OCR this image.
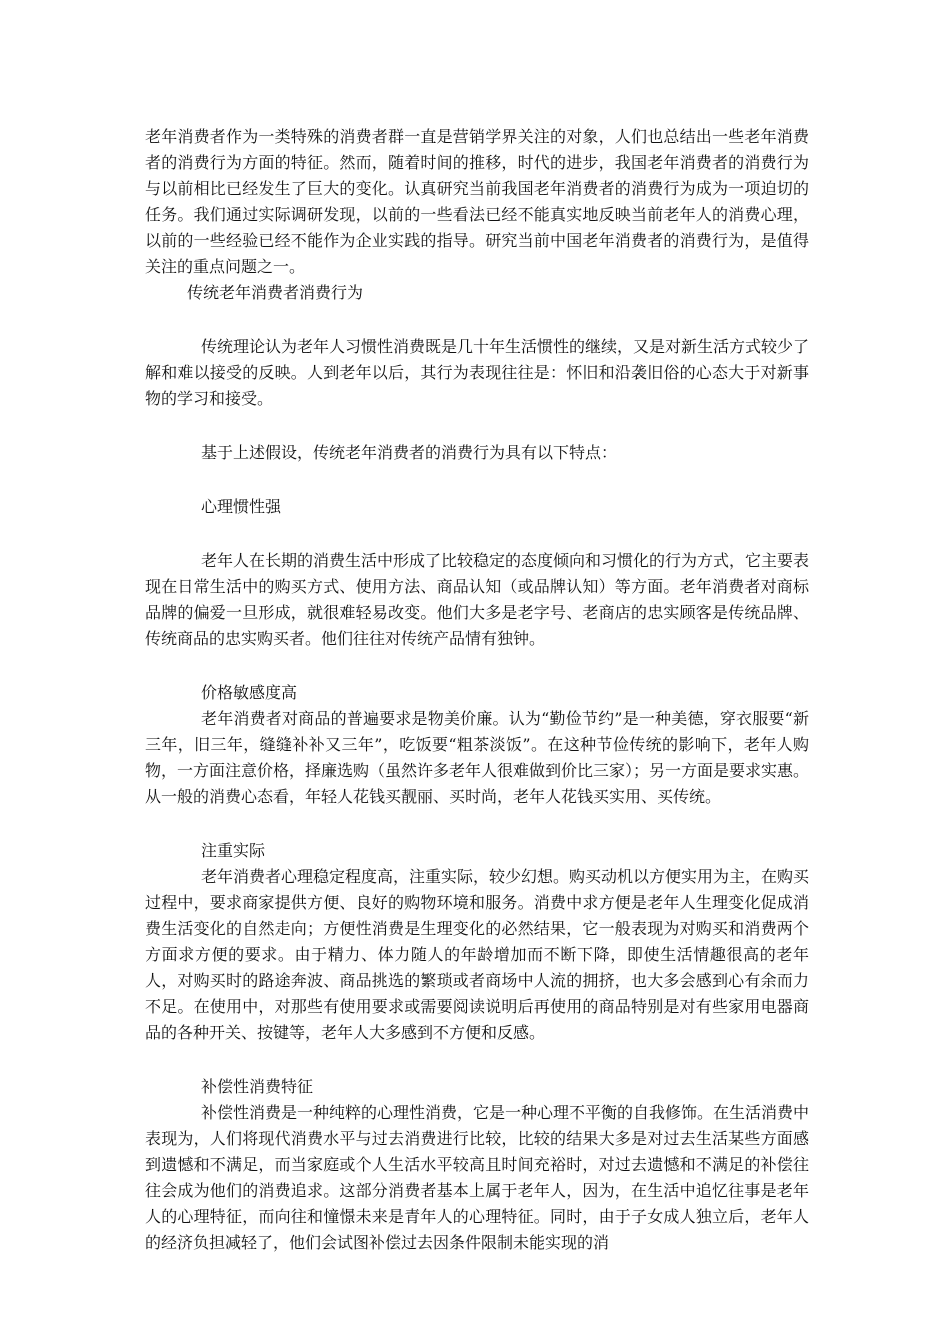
老年消费者作为一类特殊的消费者群一直是营销学界关注的对象，人们也总结出一些老年消费者的消费行为方面的特征。然而，随着时间的推移，时代的进步，我国老年消费者的消费行为与以前相比已经发生了巨大的变化。认真研究当前我国老年消费者的消费行为成为一项迫切的任务。我们通过实际调研发现，以前的一些看法已经不能真实地反映当前老年人的消费心理，以前的一些经验已经不能作为企业实践的指导。研究当前中国老年消费者的消费行为，是值得关注的重点问题之一。

传统老年消费者消费行为

传统理论认为老年人习惯性消费既是几十年生活惯性的继续，又是对新生活方式较少了解和难以接受的反映。人到老年以后，其行为表现往往是：怀旧和沿袭旧俗的心态大于对新事物的学习和接受。

基于上述假设，传统老年消费者的消费行为具有以下特点：

心理惯性强

老年人在长期的消费生活中形成了比较稳定的态度倾向和习惯化的行为方式，它主要表现在日常生活中的购买方式、使用方法、商品认知（或品牌认知）等方面。老年消费者对商标品牌的偏爱一旦形成，就很难轻易改变。他们大多是老字号、老商店的忠实顾客是传统品牌、传统商品的忠实购买者。他们往往对传统产品情有独钟。

价格敏感度高

老年消费者对商品的普遍要求是物美价廉。认为“勤俭节约”是一种美德，穿衣服要“新三年，旧三年，缝缝补补又三年”，吃饭要“粗茶淡饭”。在这种节俭传统的影响下，老年人购物，一方面注意价格，择廉选购（虽然许多老年人很难做到价比三家）；另一方面是要求实惠。从一般的消费心态看，年轻人花钱买靓丽、买时尚，老年人花钱买实用、买传统。

注重实际

老年消费者心理稳定程度高，注重实际，较少幻想。购买动机以方便实用为主，在购买过程中，要求商家提供方便、良好的购物环境和服务。消费中求方便是老年人生理变化促成消费生活变化的自然走向；方便性消费是生理变化的必然结果，它一般表现为对购买和消费两个方面求方便的要求。由于精力、体力随人的年龄增加而不断下降，即使生活情趣很高的老年人，对购买时的路途奔波、商品挑选的繁琐或者商场中人流的拥挤，也大多会感到心有余而力不足。在使用中，对那些有使用要求或需要阅读说明后再使用的商品特别是对有些家用电器商品的各种开关、按键等，老年人大多感到不方便和反感。

补偿性消费特征

补偿性消费是一种纯粹的心理性消费，它是一种心理不平衡的自我修饰。在生活消费中表现为，人们将现代消费水平与过去消费进行比较，比较的结果大多是对过去生活某些方面感到遗憾和不满足，而当家庭或个人生活水平较高且时间充裕时，对过去遗憾和不满足的补偿往往会成为他们的消费追求。这部分消费者基本上属于老年人，因为，在生活中追忆往事是老年人的心理特征，而向往和憧憬未来是青年人的心理特征。同时，由于子女成人独立后，老年人的经济负担减轻了，他们会试图补偿过去因条件限制未能实现的消
